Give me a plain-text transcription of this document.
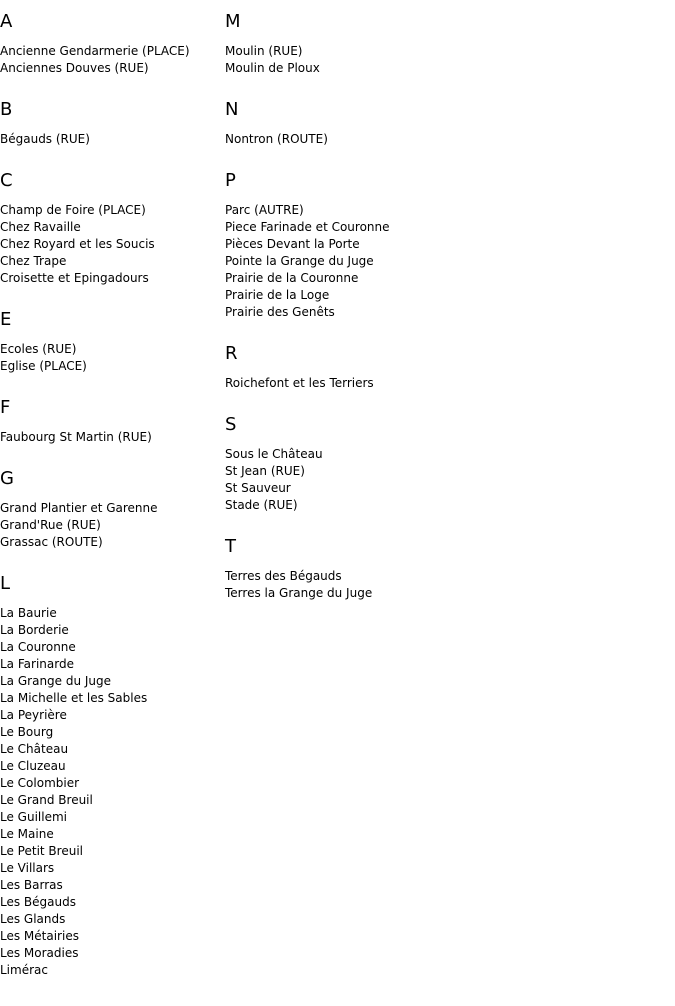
A
Ancienne Gendarmerie (PLACE)
Anciennes Douves (RUE)
B
Bégauds (RUE)
C
Champ de Foire (PLACE)
Chez Ravaille
Chez Royard et les Soucis
Chez Trape
Croisette et Epingadours
E
Ecoles (RUE)
Eglise (PLACE)
F
Faubourg St Martin (RUE)
G
Grand Plantier et Garenne
Grand'Rue (RUE)
Grassac (ROUTE)
L
La Baurie
La Borderie
La Couronne
La Farinarde
La Grange du Juge
La Michelle et les Sables
La Peyrière
Le Bourg
Le Château
Le Cluzeau
Le Colombier
Le Grand Breuil
Le Guillemi
Le Maine
Le Petit Breuil
Le Villars
Les Barras
Les Bégauds
Les Glands
Les Métairies
Les Moradies
Limérac
M
Moulin (RUE)
Moulin de Ploux
N
Nontron (ROUTE)
P
Parc (AUTRE)
Piece Farinade et Couronne
Pièces Devant la Porte
Pointe la Grange du Juge
Prairie de la Couronne
Prairie de la Loge
Prairie des Genêts
R
Roichefont et les Terriers
S
Sous le Château
St Jean (RUE)
St Sauveur
Stade (RUE)
T
Terres des Bégauds
Terres la Grange du Juge
